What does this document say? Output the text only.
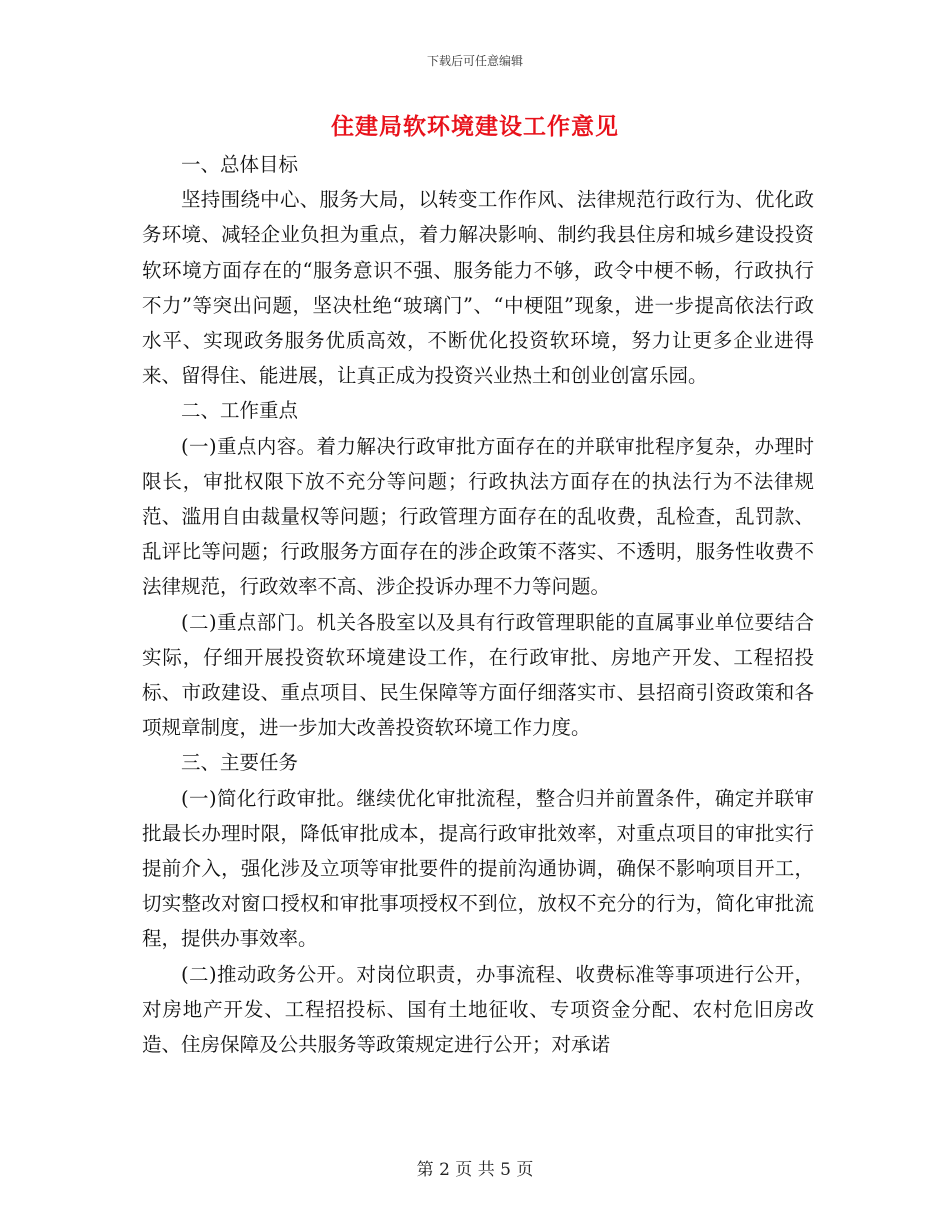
下载后可任意编辑
住建局软环境建设工作意见

一、总体目标

坚持围绕中心、服务大局，以转变工作作风、法律规范行政行为、优化政务环境、减轻企业负担为重点，着力解决影响、制约我县住房和城乡建设投资软环境方面存在的“服务意识不强、服务能力不够，政令中梗不畅，行政执行不力”等突出问题，坚决杜绝“玻璃门”、“中梗阻”现象，进一步提高依法行政水平、实现政务服务优质高效，不断优化投资软环境，努力让更多企业进得来、留得住、能进展，让真正成为投资兴业热土和创业创富乐园。

二、工作重点

(一)重点内容。着力解决行政审批方面存在的并联审批程序复杂，办理时限长，审批权限下放不充分等问题；行政执法方面存在的执法行为不法律规范、滥用自由裁量权等问题；行政管理方面存在的乱收费，乱检查，乱罚款、乱评比等问题；行政服务方面存在的涉企政策不落实、不透明，服务性收费不法律规范，行政效率不高、涉企投诉办理不力等问题。

(二)重点部门。机关各股室以及具有行政管理职能的直属事业单位要结合实际，仔细开展投资软环境建设工作，在行政审批、房地产开发、工程招投标、市政建设、重点项目、民生保障等方面仔细落实市、县招商引资政策和各项规章制度，进一步加大改善投资软环境工作力度。

三、主要任务

(一)简化行政审批。继续优化审批流程，整合归并前置条件，确定并联审批最长办理时限，降低审批成本，提高行政审批效率，对重点项目的审批实行提前介入，强化涉及立项等审批要件的提前沟通协调，确保不影响项目开工，切实整改对窗口授权和审批事项授权不到位，放权不充分的行为，简化审批流程，提供办事效率。

(二)推动政务公开。对岗位职责，办事流程、收费标准等事项进行公开，对房地产开发、工程招投标、国有土地征收、专项资金分配、农村危旧房改造、住房保障及公共服务等政策规定进行公开；对承诺

第 2 页 共 5 页
